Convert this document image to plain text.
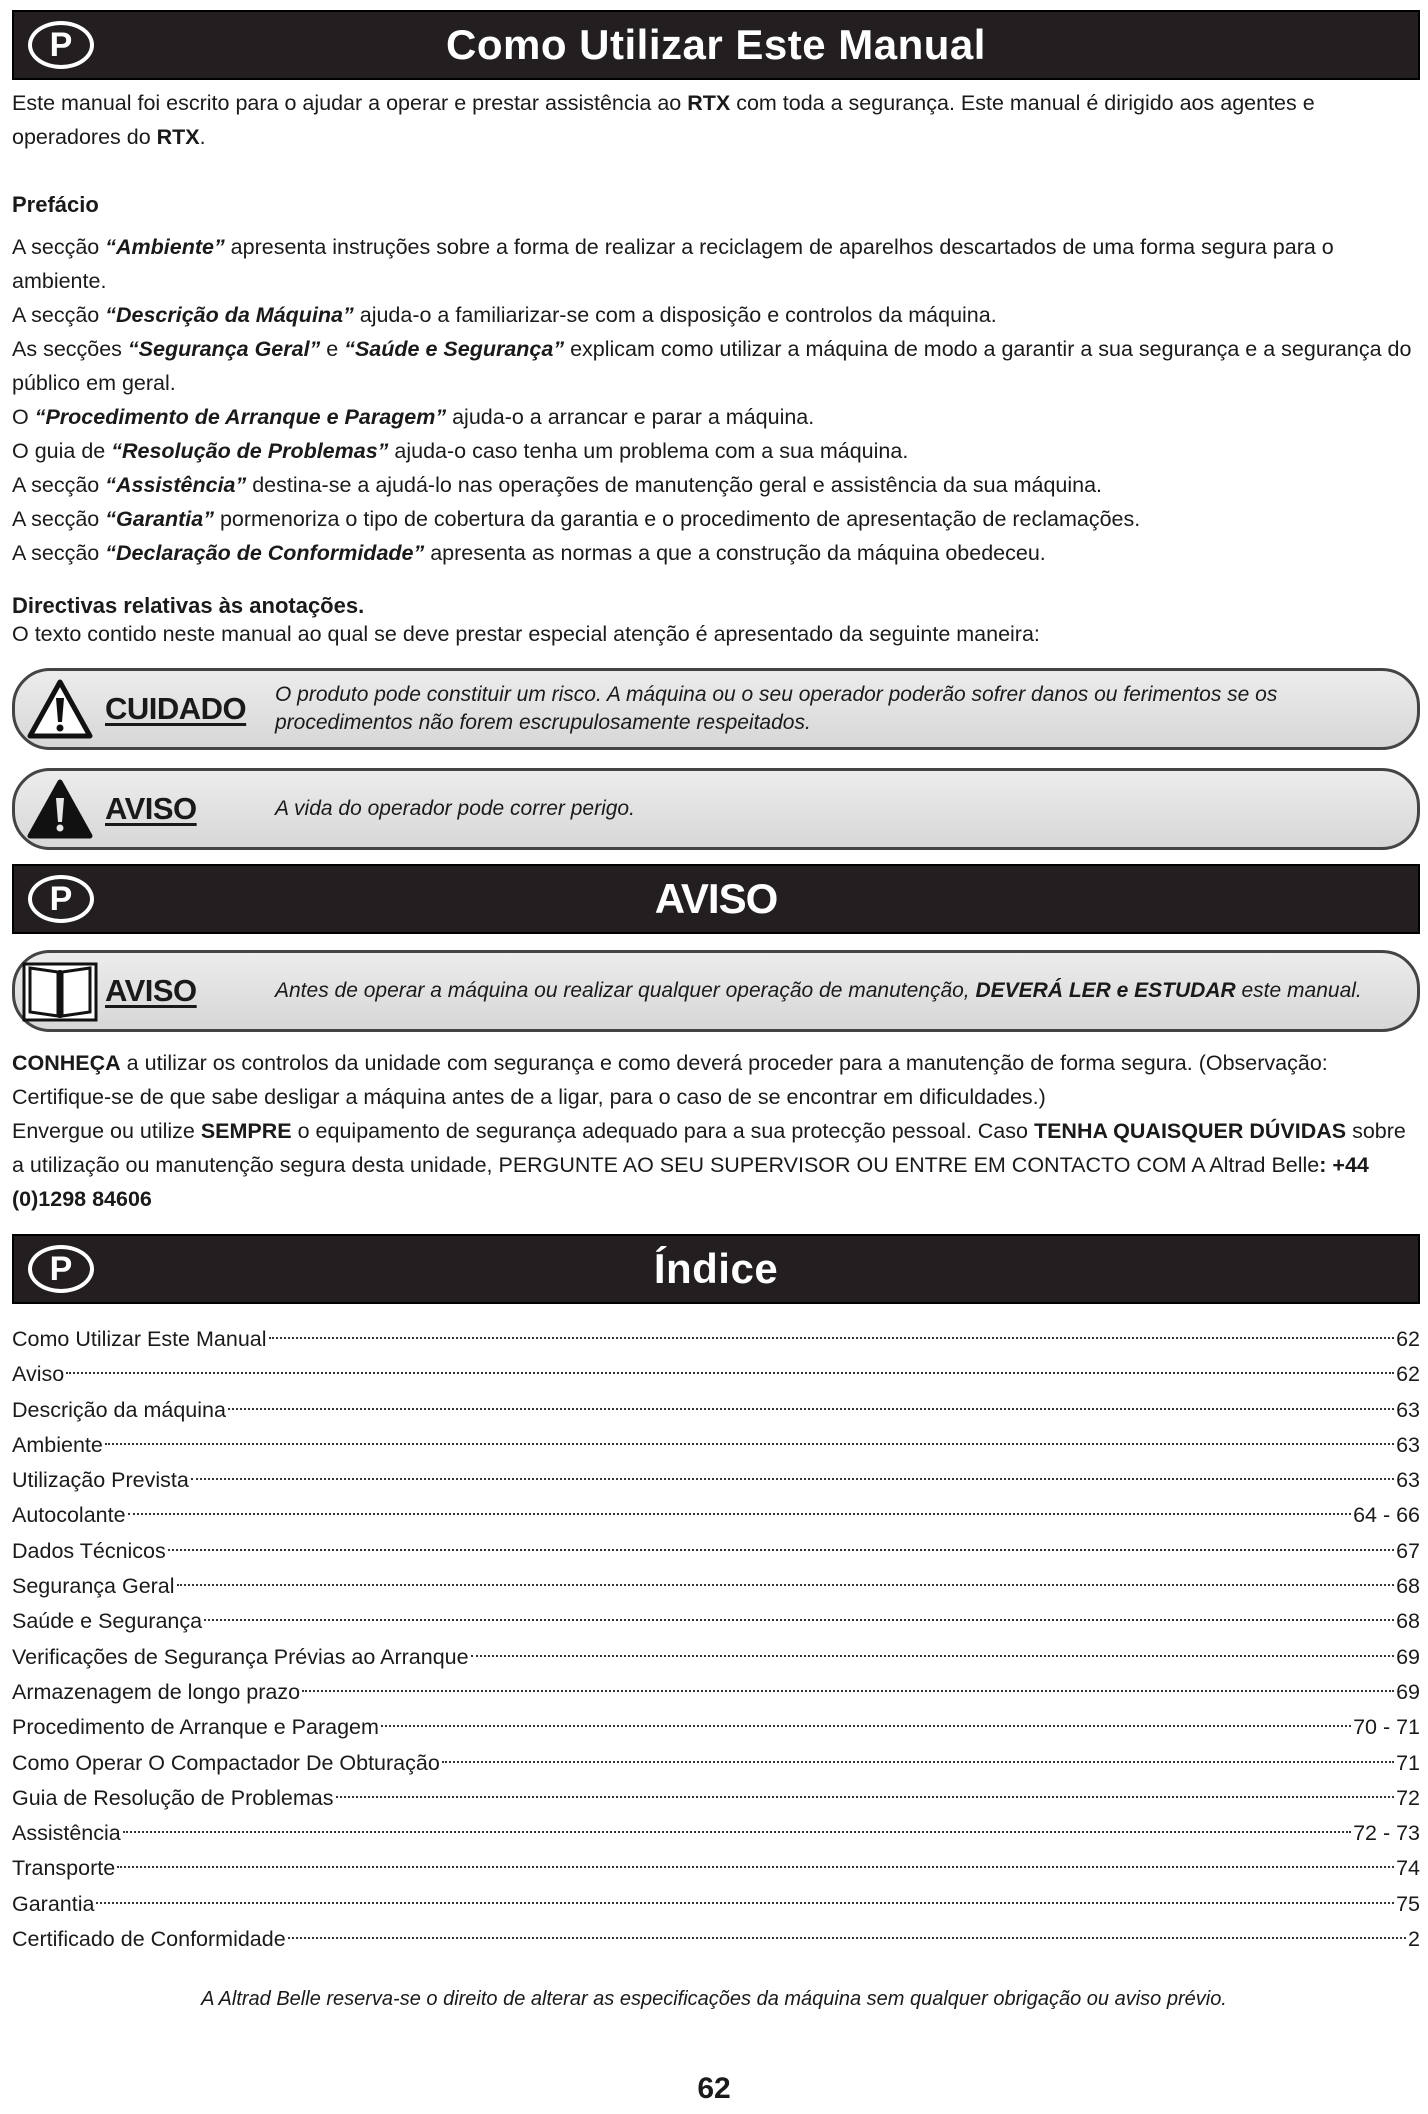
P	Como Utilizar Este Manual

Este manual foi escrito para o ajudar a operar e prestar assistência ao RTX com toda a segurança. Este manual é dirigido aos agentes e operadores do RTX.

Prefácio

A secção “Ambiente” apresenta instruções sobre a forma de realizar a reciclagem de aparelhos descartados de uma forma segura para o ambiente.

A secção “Descrição da Máquina” ajuda-o a familiarizar-se com a disposição e controlos da máquina.

As secções “Segurança Geral” e “Saúde e Segurança” explicam como utilizar a máquina de modo a garantir a sua segurança e a segurança do público em geral.

O “Procedimento de Arranque e Paragem” ajuda-o a arrancar e parar a máquina.

O guia de “Resolução de Problemas” ajuda-o caso tenha um problema com a sua máquina.

A secção “Assistência” destina-se a ajudá-lo nas operações de manutenção geral e assistência da sua máquina.

A secção “Garantia” pormenoriza o tipo de cobertura da garantia e o procedimento de apresentação de reclamações.

A secção “Declaração de Conformidade” apresenta as normas a que a construção da máquina obedeceu.

Directivas relativas às anotações.

O texto contido neste manual ao qual se deve prestar especial atenção é apresentado da seguinte maneira:

CUIDADO	O produto pode constituir um risco. A máquina ou o seu operador poderão sofrer danos ou ferimentos se os procedimentos não forem escrupulosamente respeitados.
AVISO	A vida do operador pode correr perigo.
P	AVISO
AVISO	Antes de operar a máquina ou realizar qualquer operação de manutenção, DEVERÁ LER e ESTUDAR este manual.

CONHEÇA a utilizar os controlos da unidade com segurança e como deverá proceder para a manutenção de forma segura. (Observação: Certifique-se de que sabe desligar a máquina antes de a ligar, para o caso de se encontrar em dificuldades.)

Envergue ou utilize SEMPRE o equipamento de segurança adequado para a sua protecção pessoal. Caso TENHA QUAISQUER DÚVIDAS sobre a utilização ou manutenção segura desta unidade, PERGUNTE AO SEU SUPERVISOR OU ENTRE EM CONTACTO COM A Altrad Belle: +44 (0)1298 84606

P	Índice
Como Utilizar Este Manual	62
Aviso	62
Descrição da máquina	63
Ambiente	63
Utilização Prevista	63
Autocolante	64 - 66
Dados Técnicos	67
Segurança Geral	68
Saúde e Segurança	68
Verificações de Segurança Prévias ao Arranque	69
Armazenagem de longo prazo	69
Procedimento de Arranque e Paragem	70 - 71
Como Operar O Compactador De Obturação	71
Guia de Resolução de Problemas	72
Assistência	72 - 73
Transporte	74
Garantia	75
Certificado de Conformidade	2
A Altrad Belle reserva-se o direito de alterar as especificações da máquina sem qualquer obrigação ou aviso prévio.
62
